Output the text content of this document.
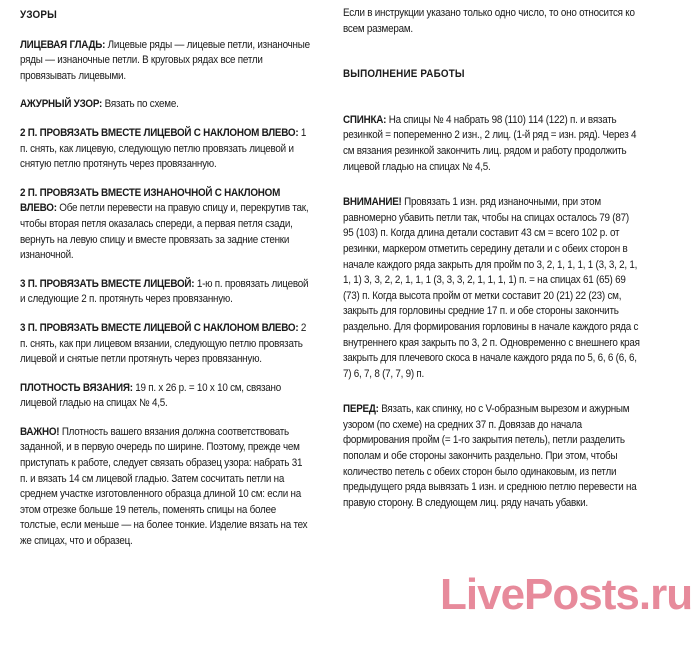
УЗОРЫ

ЛИЦЕВАЯ ГЛАДЬ: Лицевые ряды — лицевые петли, изнаночные ряды — изнаночные петли. В круговых рядах все петли провязывать лицевыми.

АЖУРНЫЙ УЗОР: Вязать по схеме.

2 П. ПРОВЯЗАТЬ ВМЕСТЕ ЛИЦЕВОЙ С НАКЛОНОМ ВЛЕВО: 1 п. снять, как лицевую, следующую петлю провязать лицевой и снятую петлю протянуть через провязанную.

2 П. ПРОВЯЗАТЬ ВМЕСТЕ ИЗНАНОЧНОЙ С НАКЛОНОМ ВЛЕВО: Обе петли перевести на правую спицу и, перекрутив так, чтобы вторая петля оказалась спереди, а первая петля сзади, вернуть на левую спицу и вместе провязать за задние стенки изнаночной.

3 П. ПРОВЯЗАТЬ ВМЕСТЕ ЛИЦЕВОЙ: 1-ю п. провязать лицевой и следующие 2 п. протянуть через провязанную.

3 П. ПРОВЯЗАТЬ ВМЕСТЕ ЛИЦЕВОЙ С НАКЛОНОМ ВЛЕВО: 2 п. снять, как при лицевом вязании, следующую петлю провязать лицевой и снятые петли протянуть через провязанную.

ПЛОТНОСТЬ ВЯЗАНИЯ: 19 п. х 26 р. = 10 х 10 см, связано лицевой гладью на спицах № 4,5.

ВАЖНО! Плотность вашего вязания должна соответствовать заданной, и в первую очередь по ширине. Поэтому, прежде чем приступать к работе, следует связать образец узора: набрать 31 п. и вязать 14 см лицевой гладью. Затем сосчитать петли на среднем участке изготовленного образца длиной 10 см: если на этом отрезке больше 19 петель, поменять спицы на более толстые, если меньше — на более тонкие. Изделие вязать на тех же спицах, что и образец.

Если в инструкции указано только одно число, то оно относится ко всем размерам.

ВЫПОЛНЕНИЕ РАБОТЫ

СПИНКА: На спицы № 4 набрать 98 (110) 114 (122) п. и вязать резинкой = попеременно 2 изн., 2 лиц. (1-й ряд = изн. ряд). Через 4 см вязания резинкой закончить лиц. рядом и работу продолжить лицевой гладью на спицах № 4,5.

ВНИМАНИЕ! Провязать 1 изн. ряд изнаночными, при этом равномерно убавить петли так, чтобы на спицах осталось 79 (87) 95 (103) п. Когда длина детали составит 43 см = всего 102 р. от резинки, маркером отметить середину детали и с обеих сторон в начале каждого ряда закрыть для пройм по 3, 2, 1, 1, 1, 1 (3, 3, 2, 1, 1, 1) 3, 3, 2, 2, 1, 1, 1 (3, 3, 3, 2, 1, 1, 1, 1) п. = на спицах 61 (65) 69 (73) п. Когда высота пройм от метки составит 20 (21) 22 (23) см, закрыть для горловины средние 17 п. и обе стороны закончить раздельно. Для формирования горловины в начале каждого ряда с внутреннего края закрыть по 3, 2 п. Одновременно с внешнего края закрыть для плечевого скоса в начале каждого ряда по 5, 6, 6 (6, 6, 7) 6, 7, 8 (7, 7, 9) п.

ПЕРЕД: Вязать, как спинку, но с V-образным вырезом и ажурным узором (по схеме) на средних 37 п. Довязав до начала формирования пройм (= 1-го закрытия петель), петли разделить пополам и обе стороны закончить раздельно. При этом, чтобы количество петель с обеих сторон было одинаковым, из петли предыдущего ряда вывязать 1 изн. и среднюю петлю перевести на правую сторону. В следующем лиц. ряду начать убавки.

LivePosts.ru
